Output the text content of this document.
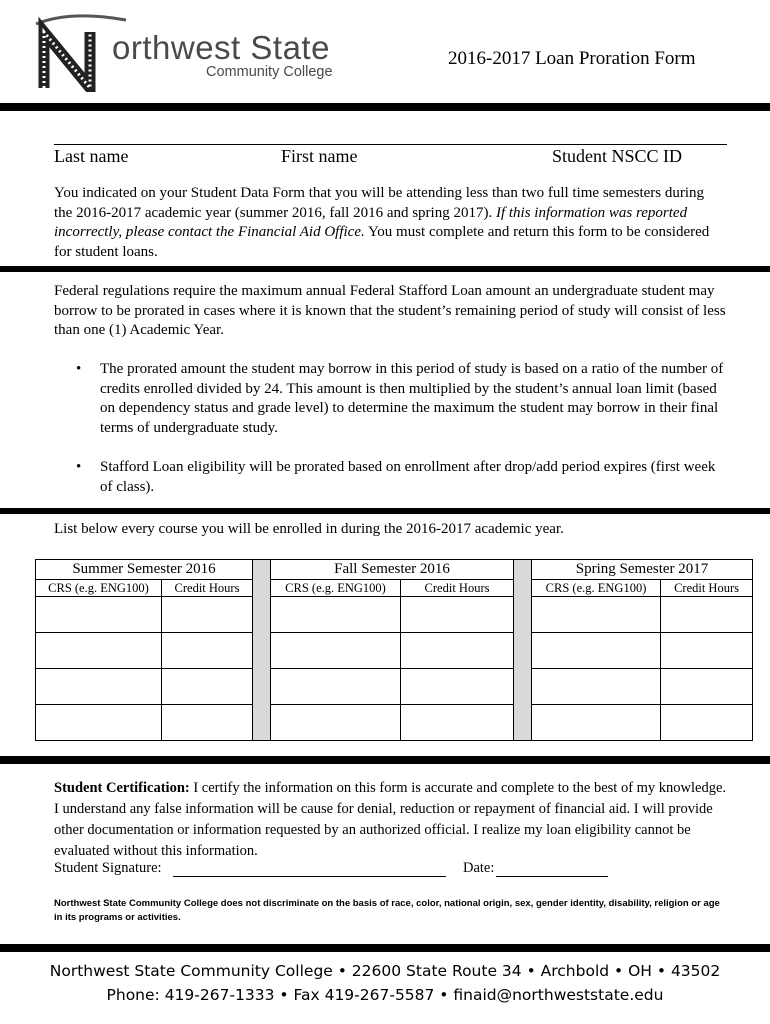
orthwest State
Community College
2016-2017 Loan Proration Form
Last name	First name	Student NSCC ID
You indicated on your Student Data Form that you will be attending less than two full time semesters during the 2016-2017 academic year (summer 2016, fall 2016 and spring 2017). If this information was reported incorrectly, please contact the Financial Aid Office. You must complete and return this form to be considered for student loans.
Federal regulations require the maximum annual Federal Stafford Loan amount an undergraduate student may borrow to be prorated in cases where it is known that the student’s remaining period of study will consist of less than one (1) Academic Year.
• The prorated amount the student may borrow in this period of study is based on a ratio of the number of credits enrolled divided by 24. This amount is then multiplied by the student’s annual loan limit (based on dependency status and grade level) to determine the maximum the student may borrow in their final terms of undergraduate study.
• Stafford Loan eligibility will be prorated based on enrollment after drop/add period expires (first week of class).
List below every course you will be enrolled in during the 2016-2017 academic year.
Summer Semester 2016			Fall Semester 2016			Spring Semester 2017	
CRS (e.g. ENG100)	Credit Hours		CRS (e.g. ENG100)	Credit Hours		CRS (e.g. ENG100)	Credit Hours

Student Certification: I certify the information on this form is accurate and complete to the best of my knowledge. I understand any false information will be cause for denial, reduction or repayment of financial aid. I will provide other documentation or information requested by an authorized official. I realize my loan eligibility cannot be evaluated without this information.
Student Signature:	Date:
Northwest State Community College does not discriminate on the basis of race, color, national origin, sex, gender identity, disability, religion or age in its programs or activities.
Northwest State Community College • 22600 State Route 34 • Archbold • OH • 43502
Phone: 419-267-1333 • Fax 419-267-5587 • finaid@northweststate.edu
